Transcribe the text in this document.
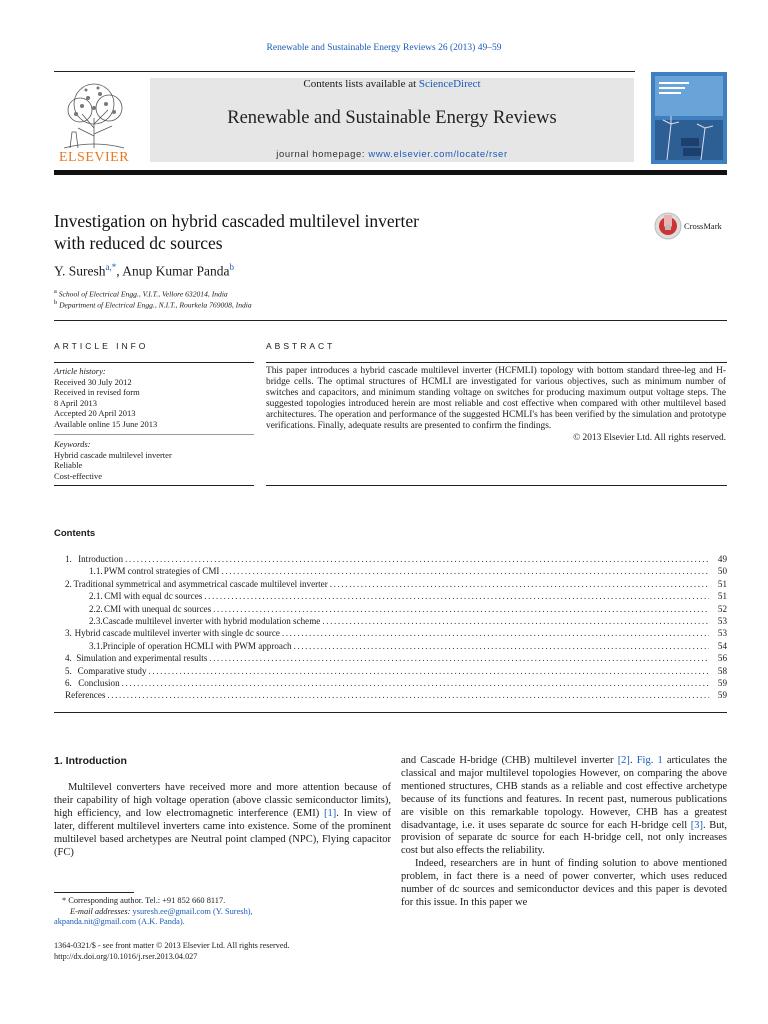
Renewable and Sustainable Energy Reviews 26 (2013) 49–59
ELSEVIER
Contents lists available at ScienceDirect
Renewable and Sustainable Energy Reviews
journal homepage: www.elsevier.com/locate/rser
Investigation on hybrid cascaded multilevel inverter
with reduced dc sources
CrossMark
Y. Suresh$^{a,*}$, Anup Kumar Panda$^b$
$^a$ School of Electrical Engg., V.I.T., Vellore 632014, India
$^b$ Department of Electrical Engg., N.I.T., Rourkela 769008, India
ARTICLE INFO
Article history:
Received 30 July 2012
Received in revised form
8 April 2013
Accepted 20 April 2013
Available online 15 June 2013
Keywords:
Hybrid cascade multilevel inverter
Reliable
Cost-effective
ABSTRACT
This paper introduces a hybrid cascade multilevel inverter (HCFMLI) topology with bottom standard three-leg and H-bridge cells. The optimal structures of HCMLI are investigated for various objectives, such as minimum number of switches and capacitors, and minimum standing voltage on switches for producing maximum output voltage steps. The suggested topologies introduced herein are most reliable and cost effective when compared with other multilevel based architectures. The operation and performance of the suggested HCMLI's has been verified by the simulation and prototype verifications. Finally, adequate results are presented to confirm the findings.
© 2013 Elsevier Ltd. All rights reserved.
Contents
1. Introduction .....	49
1.1. PWM control strategies of CMI .....	50
2. Traditional symmetrical and asymmetrical cascade multilevel inverter .....	51
2.1. CMI with equal dc sources .....	51
2.2. CMI with unequal dc sources .....	52
2.3. Cascade multilevel inverter with hybrid modulation scheme .....	53
3. Hybrid cascade multilevel inverter with single dc source .....	53
3.1. Principle of operation HCMLI with PWM approach .....	54
4. Simulation and experimental results .....	56
5. Comparative study .....	58
6. Conclusion .....	59
References .....	59
1. Introduction

Multilevel converters have received more and more attention because of their capability of high voltage operation (above classic semiconductor limits), high efficiency, and low electromagnetic interference (EMI) [1]. In view of later, different multilevel inverters came into existence. Some of the prominent multilevel based archetypes are Neutral point clamped (NPC), Flying capacitor (FC)

and Cascade H-bridge (CHB) multilevel inverter [2]. Fig. 1 articulates the classical and major multilevel topologies However, on comparing the above mentioned structures, CHB stands as a reliable and cost effective archetype because of its functions and features. In recent past, numerous publications are visible on this remarkable topology. However, CHB has a greatest disadvantage, i.e. it uses separate dc source for each H-bridge cell [3]. But, provision of separate dc source for each H-bridge cell, not only increases cost but also effects the reliability.

Indeed, researchers are in hunt of finding solution to above mentioned problem, in fact there is a need of power converter, which uses reduced number of dc sources and semiconductor devices and this paper is devoted for this issue. In this paper we

* Corresponding author. Tel.: +91 852 660 8117.
E-mail addresses: ysuresh.ee@gmail.com (Y. Suresh),
akpanda.nit@gmail.com (A.K. Panda).
1364-0321/$ - see front matter © 2013 Elsevier Ltd. All rights reserved.
http://dx.doi.org/10.1016/j.rser.2013.04.027
